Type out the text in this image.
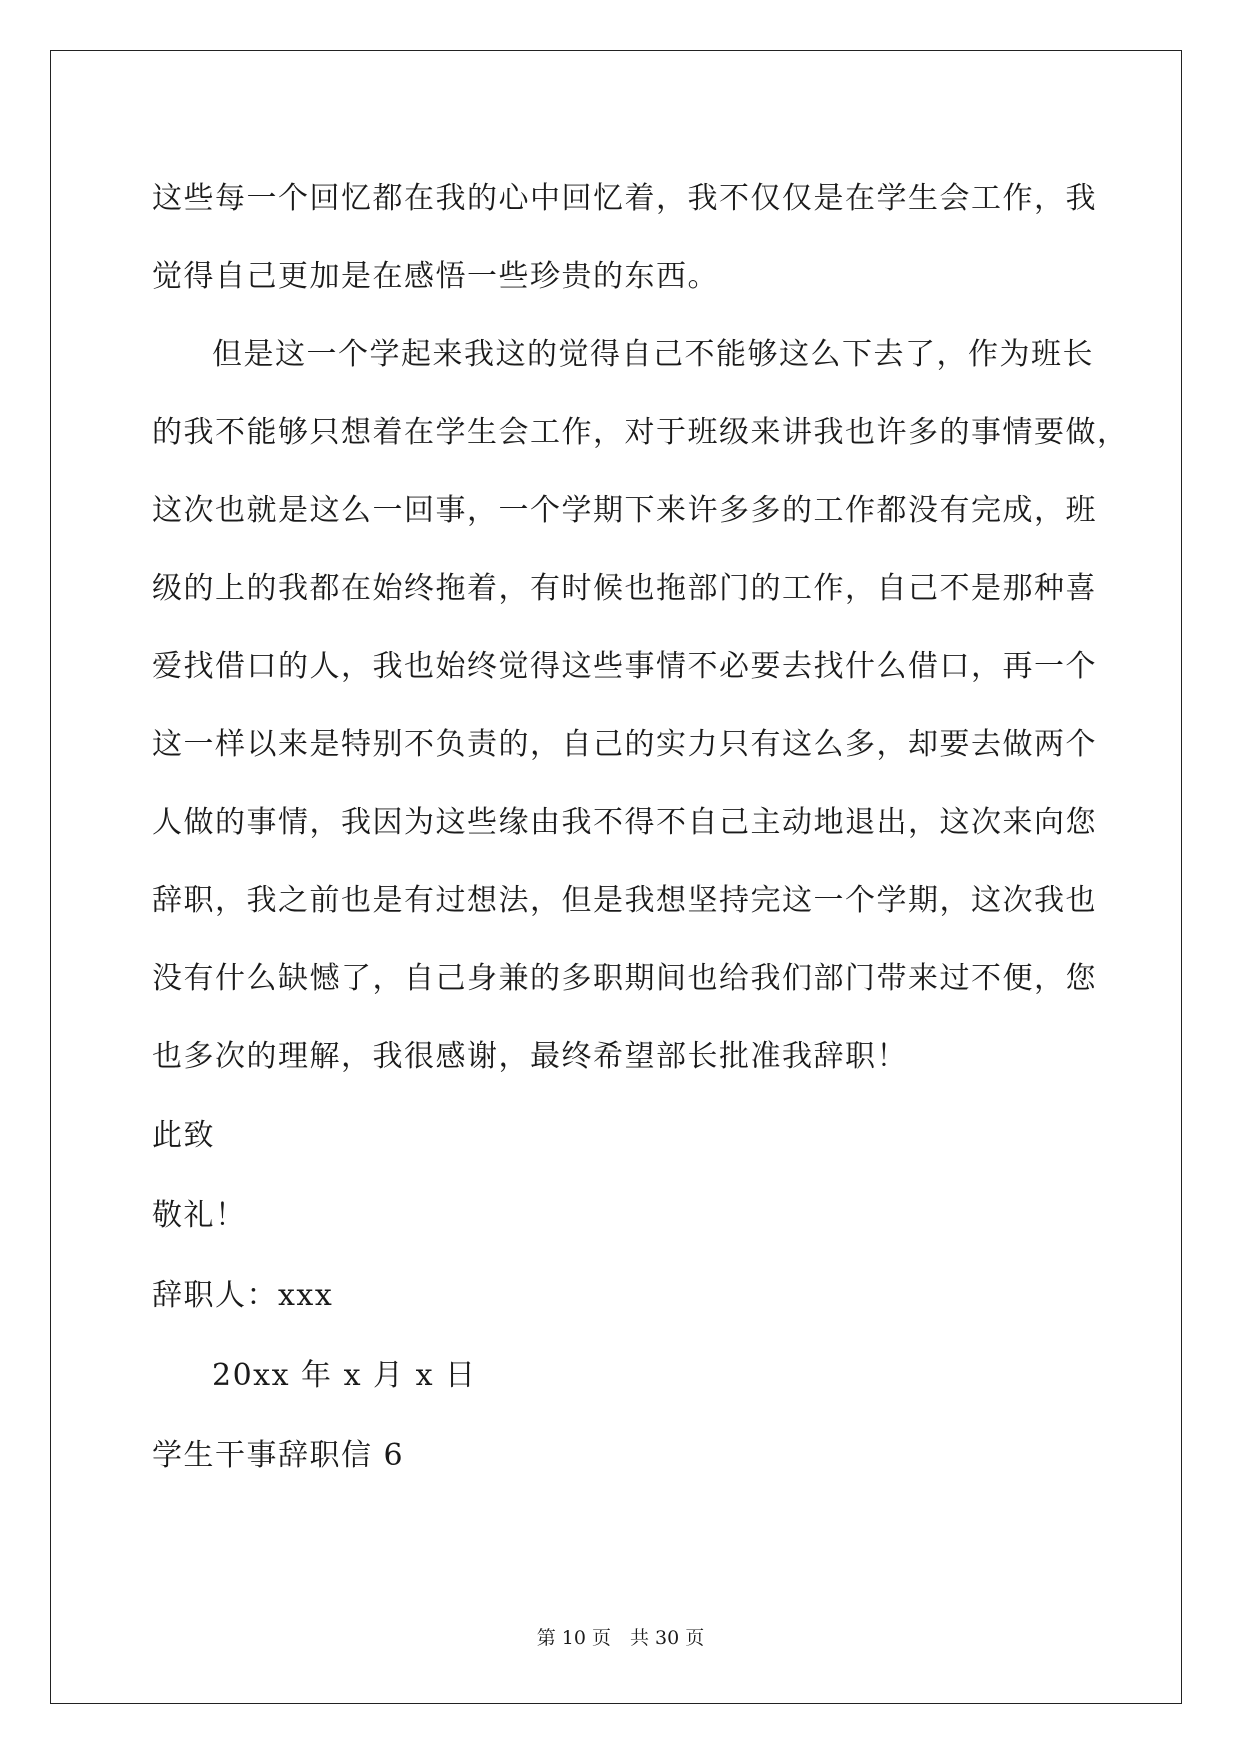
这些每一个回忆都在我的心中回忆着，我不仅仅是在学生会工作，我
觉得自己更加是在感悟一些珍贵的东西。
但是这一个学起来我这的觉得自己不能够这么下去了，作为班长
的我不能够只想着在学生会工作，对于班级来讲我也许多的事情要做，
这次也就是这么一回事，一个学期下来许多多的工作都没有完成，班
级的上的我都在始终拖着，有时候也拖部门的工作，自己不是那种喜
爱找借口的人，我也始终觉得这些事情不必要去找什么借口，再一个
这一样以来是特别不负责的，自己的实力只有这么多，却要去做两个
人做的事情，我因为这些缘由我不得不自己主动地退出，这次来向您
辞职，我之前也是有过想法，但是我想坚持完这一个学期，这次我也
没有什么缺憾了，自己身兼的多职期间也给我们部门带来过不便，您
也多次的理解，我很感谢，最终希望部长批准我辞职！
此致
敬礼！
辞职人：xxx
20xx 年 x 月 x 日
学生干事辞职信 6
第 10 页　共 30 页
